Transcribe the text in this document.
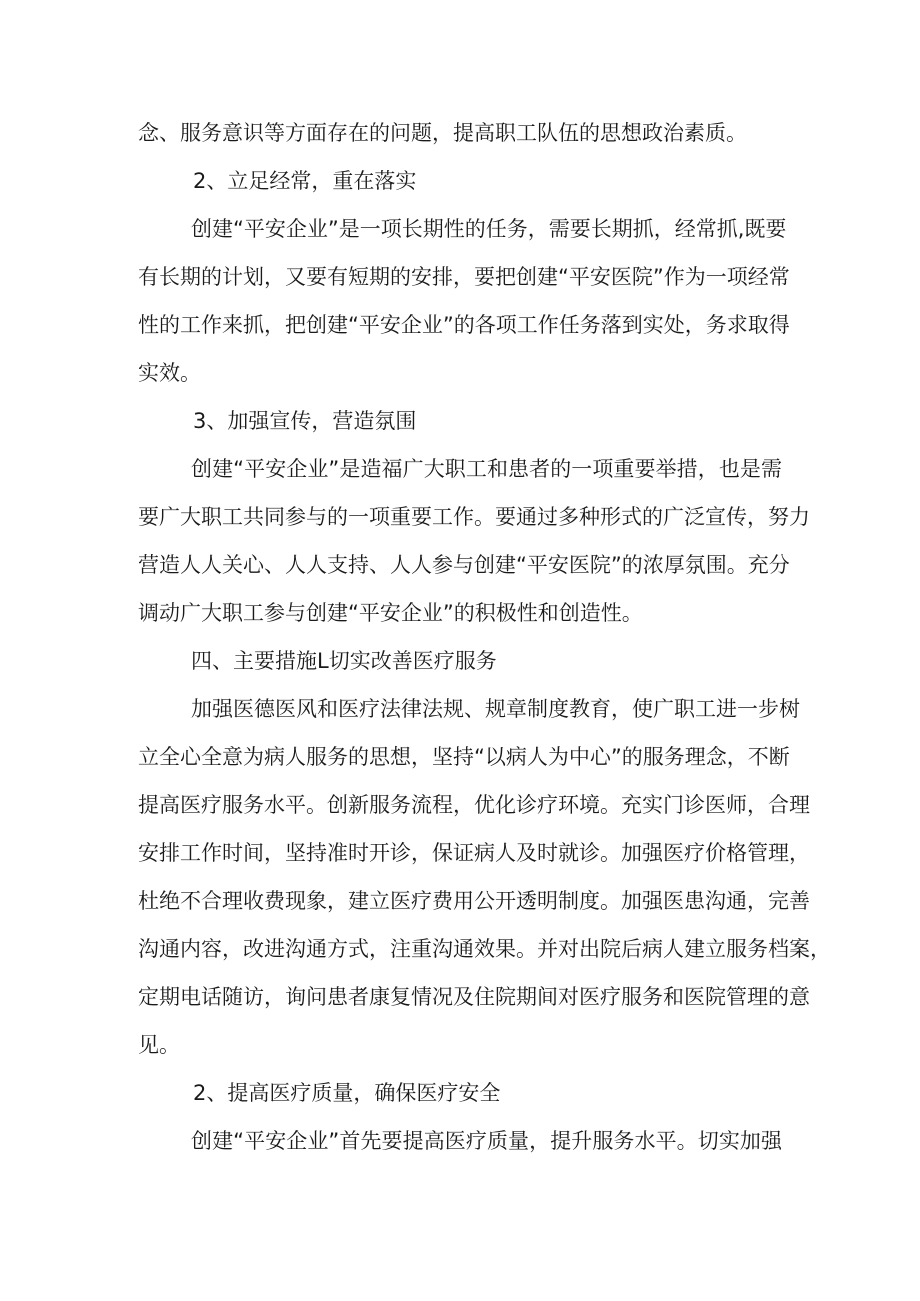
念、服务意识等方面存在的问题，提高职工队伍的思想政治素质。
2、立足经常，重在落实
创建“平安企业”是一项长期性的任务，需要长期抓，经常抓,既要
有长期的计划，又要有短期的安排，要把创建“平安医院”作为一项经常
性的工作来抓，把创建“平安企业”的各项工作任务落到实处，务求取得
实效。
3、加强宣传，营造氛围
创建“平安企业”是造福广大职工和患者的一项重要举措，也是需
要广大职工共同参与的一项重要工作。要通过多种形式的广泛宣传，努力
营造人人关心、人人支持、人人参与创建“平安医院”的浓厚氛围。充分
调动广大职工参与创建“平安企业”的积极性和创造性。
四、主要措施L切实改善医疗服务
加强医德医风和医疗法律法规、规章制度教育，使广职工进一步树
立全心全意为病人服务的思想，坚持“以病人为中心”的服务理念，不断
提高医疗服务水平。创新服务流程，优化诊疗环境。充实门诊医师，合理
安排工作时间，坚持准时开诊，保证病人及时就诊。加强医疗价格管理，
杜绝不合理收费现象，建立医疗费用公开透明制度。加强医患沟通，完善
沟通内容，改进沟通方式，注重沟通效果。并对出院后病人建立服务档案，
定期电话随访，询问患者康复情况及住院期间对医疗服务和医院管理的意
见。
2、提高医疗质量，确保医疗安全
创建“平安企业”首先要提高医疗质量，提升服务水平。切实加强
